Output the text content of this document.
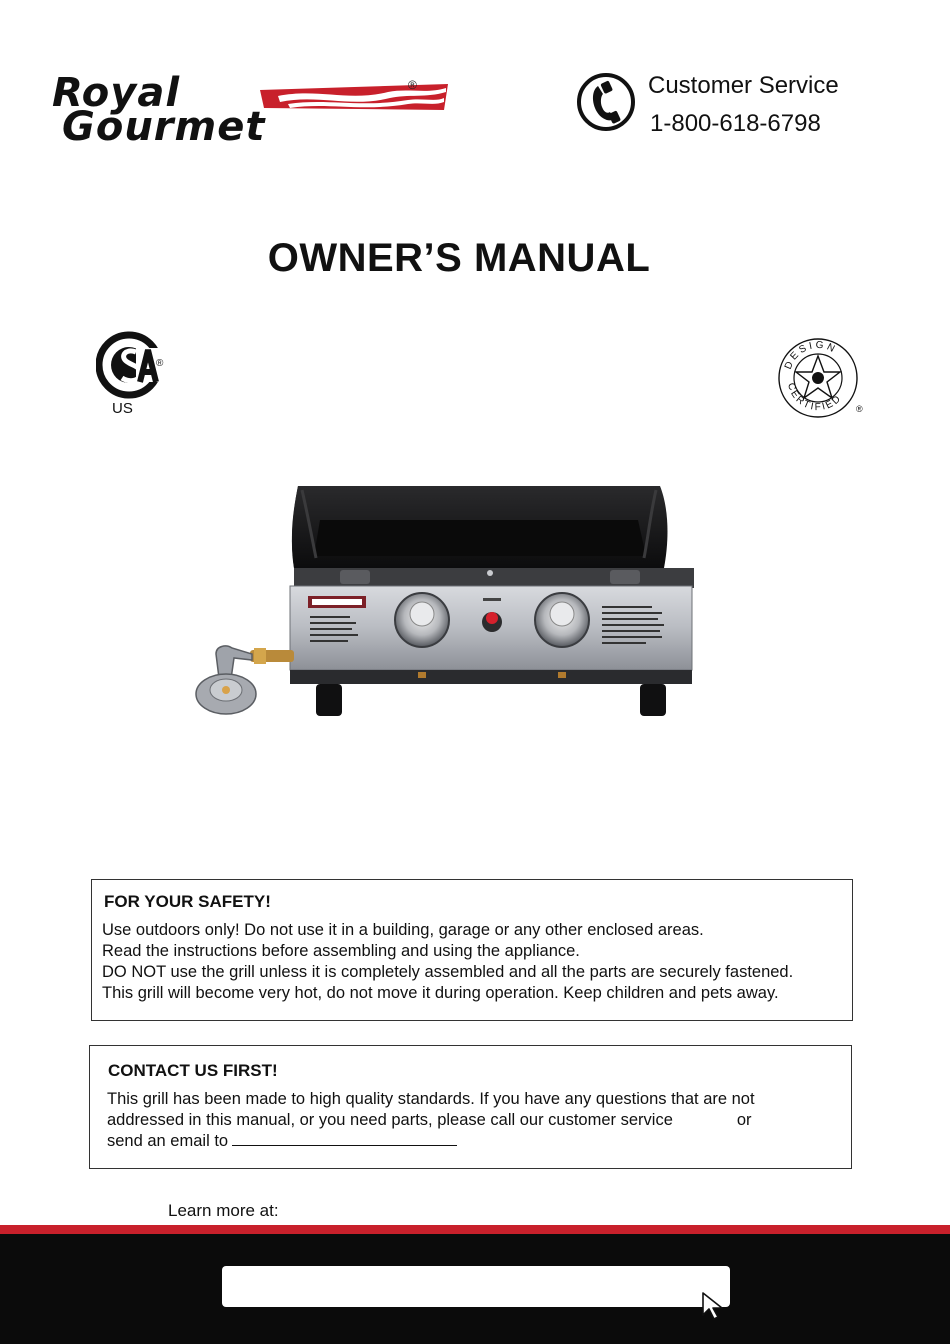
Royal
Gourmet
®	Customer Service
1-800-618-6798
OWNER’S MANUAL
®
US
DESIGN
CERTIFIED
®
FOR YOUR SAFETY!
Use outdoors only! Do not use it in a building, garage or any other enclosed areas.
Read the instructions before assembling and using the appliance.
DO NOT use the grill unless it is completely assembled and all the parts are securely fastened.
This grill will become very hot, do not move it during operation. Keep children and pets away.
CONTACT US FIRST!
This grill has been made to high quality standards. If you have any questions that are not
addressed in this manual, or you need parts, please call our customer service	or
send an email to
Learn more at:
